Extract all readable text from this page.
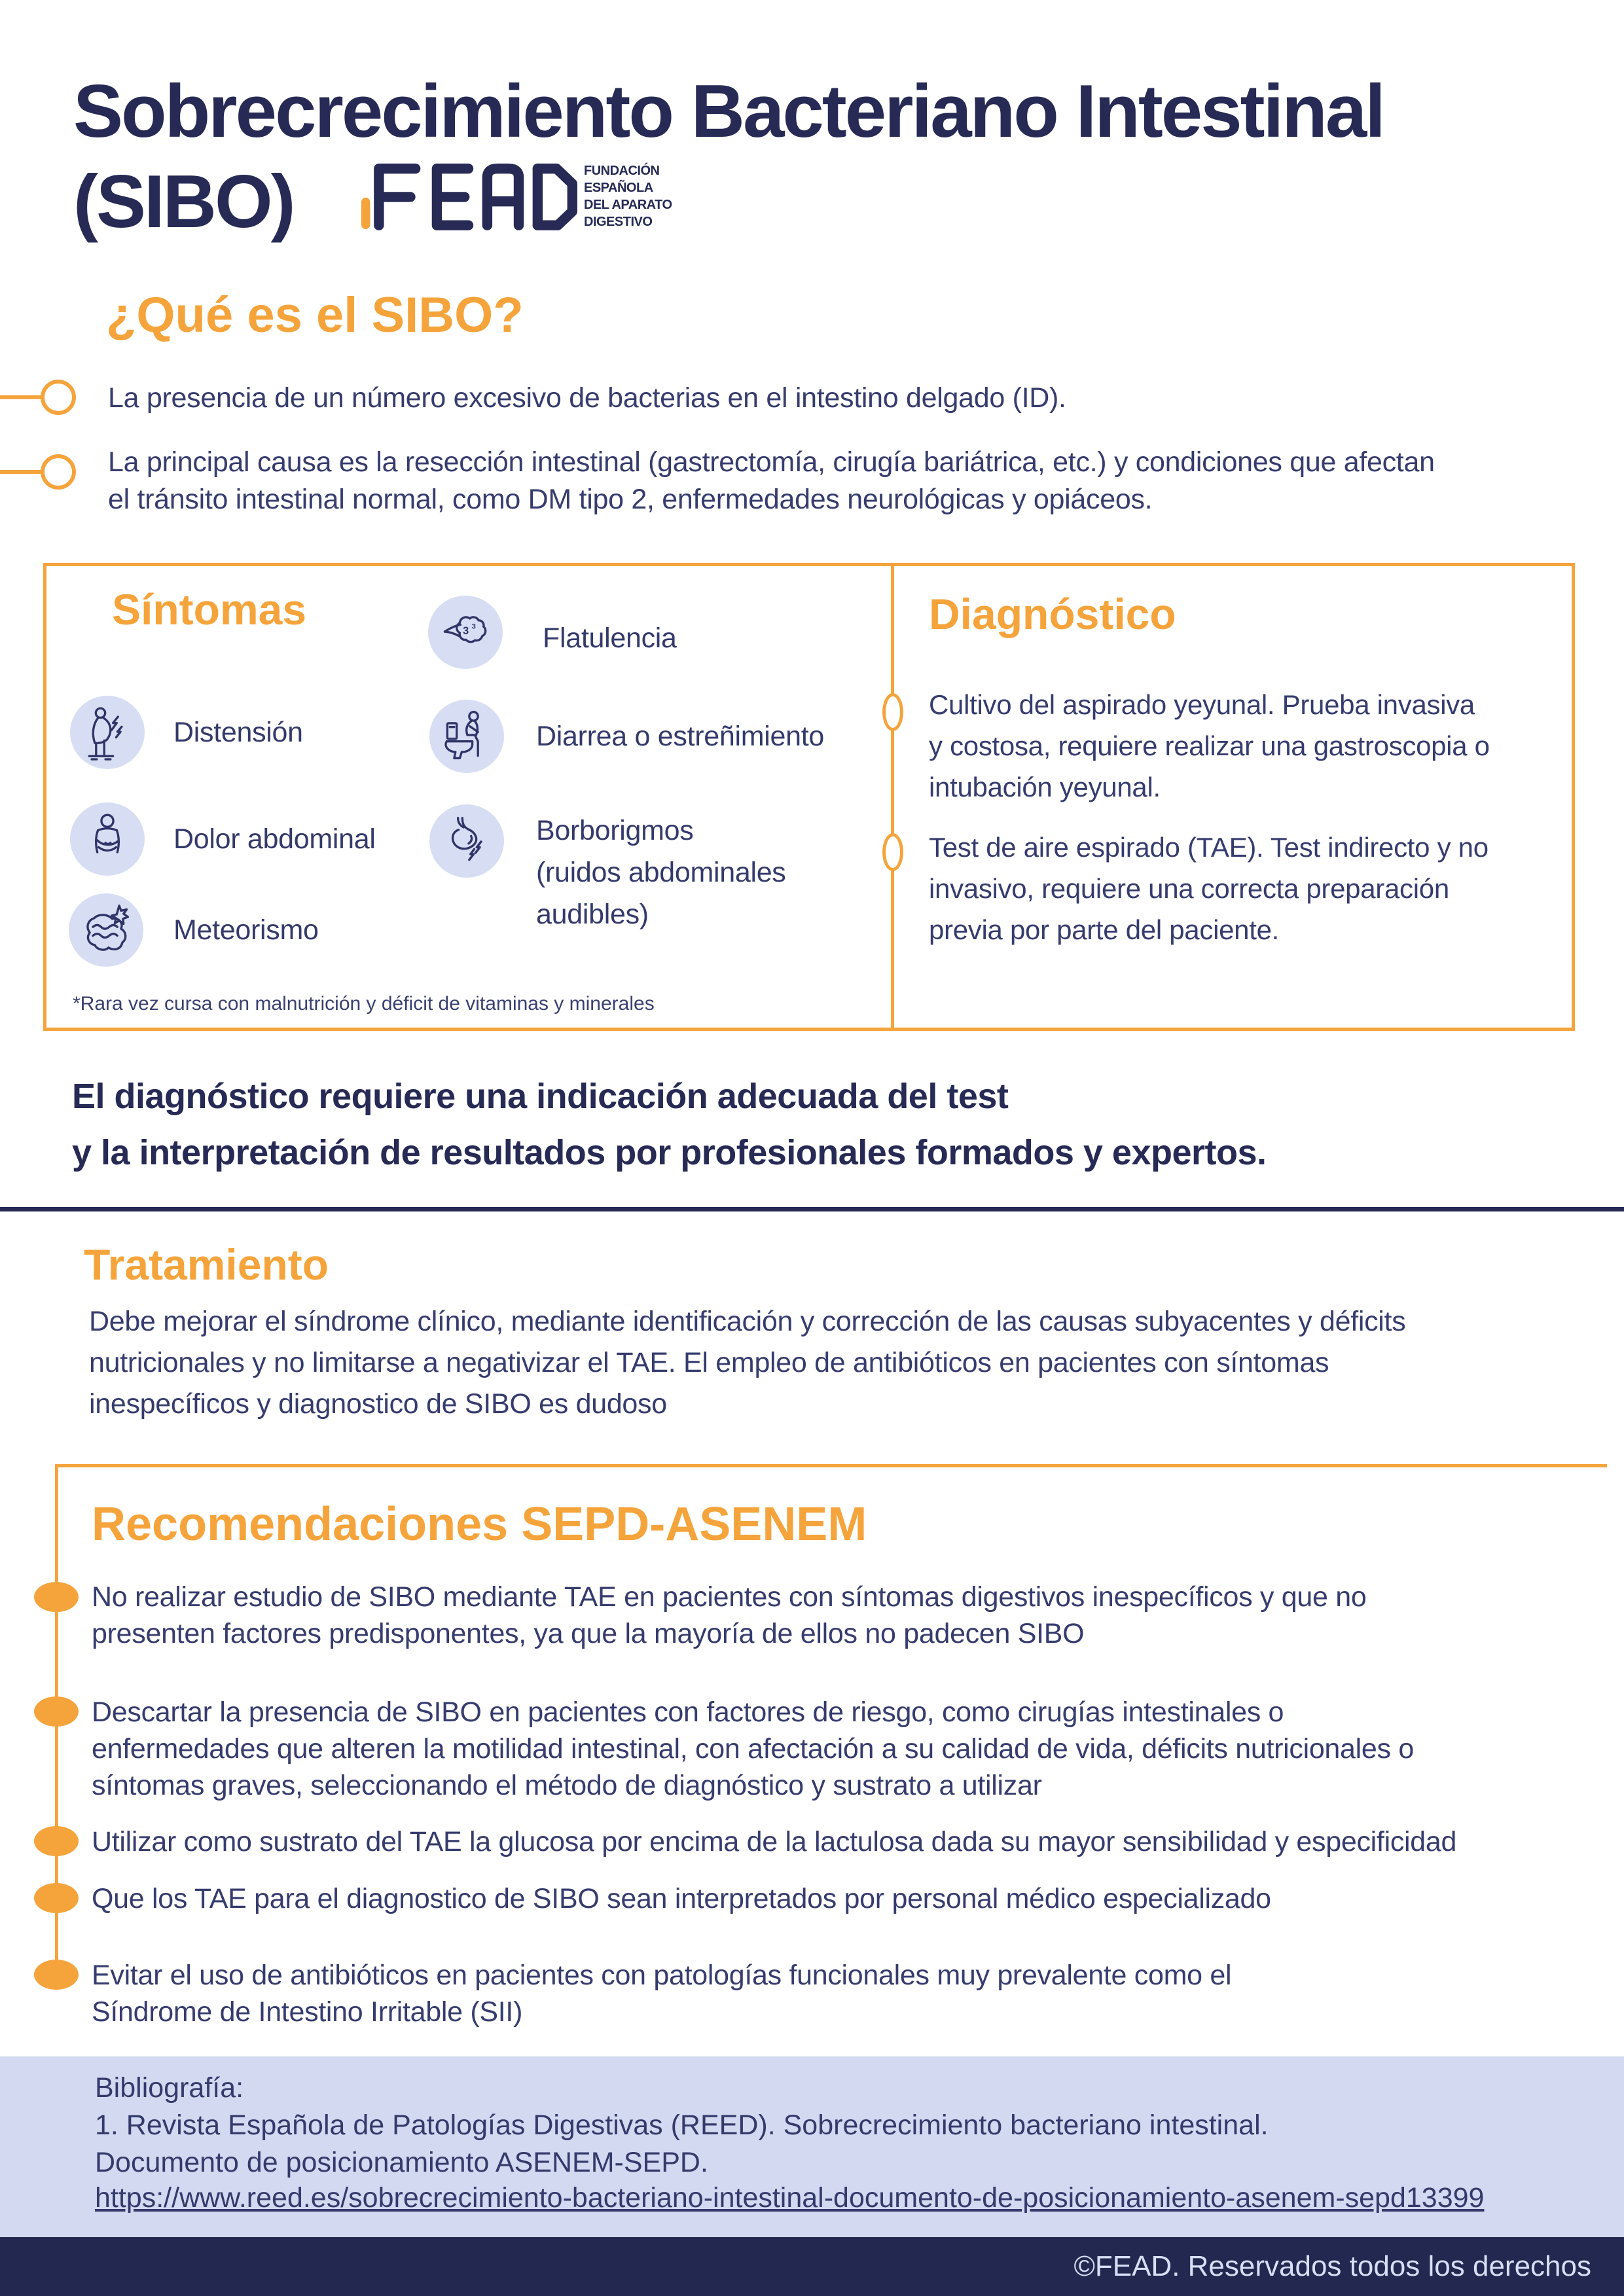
Sobrecrecimiento Bacteriano Intestinal
(SIBO)	FUNDACIÓN
ESPAÑOLA
DEL APARATO
DIGESTIVO
¿Qué es el SIBO?
La presencia de un número excesivo de bacterias en el intestino delgado (ID).
La principal causa es la resección intestinal (gastrectomía, cirugía bariátrica, etc.) y condiciones que afectan
el tránsito intestinal normal, como DM tipo 2, enfermedades neurológicas y opiáceos.
Síntomas	3 3 Flatulencia
Distensión	Diarrea o estreñimiento
Dolor abdominal	Borborigmos
(ruidos abdominales
audibles)
Meteorismo
*Rara vez cursa con malnutrición y déficit de vitaminas y minerales
Diagnóstico
Cultivo del aspirado yeyunal. Prueba invasiva
y costosa, requiere realizar una gastroscopia o
intubación yeyunal.
Test de aire espirado (TAE). Test indirecto y no
invasivo, requiere una correcta preparación
previa por parte del paciente.
El diagnóstico requiere una indicación adecuada del test
y la interpretación de resultados por profesionales formados y expertos.
Tratamiento
Debe mejorar el síndrome clínico, mediante identificación y corrección de las causas subyacentes y déficits
nutricionales y no limitarse a negativizar el TAE. El empleo de antibióticos en pacientes con síntomas
inespecíficos y diagnostico de SIBO es dudoso
Recomendaciones SEPD-ASENEM
No realizar estudio de SIBO mediante TAE en pacientes con síntomas digestivos inespecíficos y que no
presenten factores predisponentes, ya que la mayoría de ellos no padecen SIBO
Descartar la presencia de SIBO en pacientes con factores de riesgo, como cirugías intestinales o
enfermedades que alteren la motilidad intestinal, con afectación a su calidad de vida, déficits nutricionales o
síntomas graves, seleccionando el método de diagnóstico y sustrato a utilizar
Utilizar como sustrato del TAE la glucosa por encima de la lactulosa dada su mayor sensibilidad y especificidad
Que los TAE para el diagnostico de SIBO sean interpretados por personal médico especializado
Evitar el uso de antibióticos en pacientes con patologías funcionales muy prevalente como el
Síndrome de Intestino Irritable (SII)
Bibliografía:
1. Revista Española de Patologías Digestivas (REED). Sobrecrecimiento bacteriano intestinal.
Documento de posicionamiento ASENEM-SEPD.
https://www.reed.es/sobrecrecimiento-bacteriano-intestinal-documento-de-posicionamiento-asenem-sepd13399
©FEAD. Reservados todos los derechos
